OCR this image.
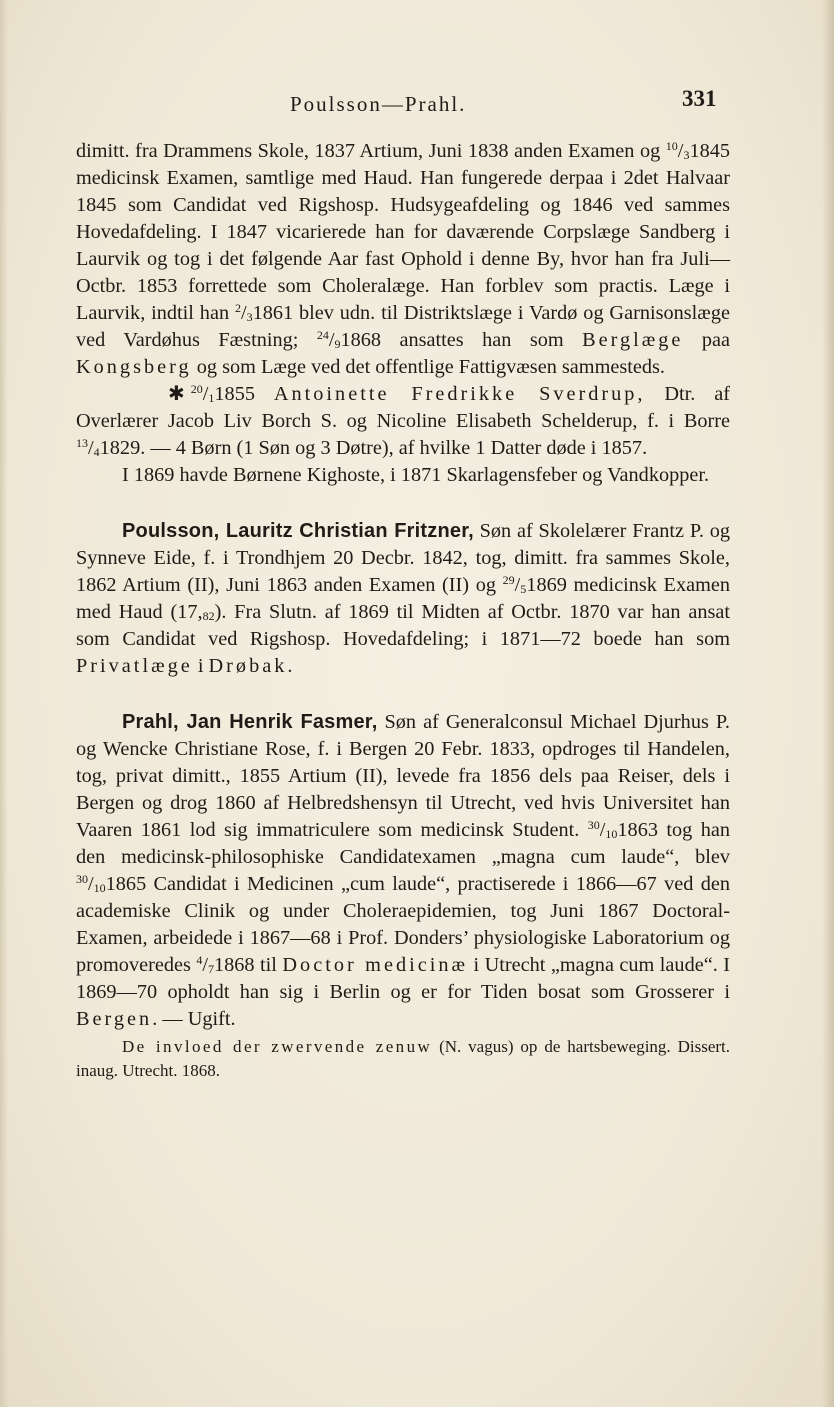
Poulsson—Prahl.	331

dimitt. fra Drammens Skole, 1837 Artium, Juni 1838 anden Examen og $^{10}/_31845$ medicinsk Examen, samtlige med Haud. Han fungerede derpaa i 2det Halvaar 1845 som Candidat ved Rigshosp. Hudsygeafdeling og 1846 ved sammes Hovedafdeling. I 1847 vicarierede han for daværende Corpslæge Sandberg i Laurvik og tog i det følgende Aar fast Ophold i denne By, hvor han fra Juli—Octbr. 1853 forrettede som Choleralæge. Han forblev som practis. Læge i Laurvik, indtil han $^2/_31861$ blev udn. til Distriktslæge i Vardø og Garnisonslæge ved Vardøhus Fæstning; $^{24}/_91868$ ansattes han som Berglæge paa Kongsberg og som Læge ved det offentlige Fattigvæsen sammesteds.

✱ $^{20}/_11855$ Antoinette Fredrikke Sverdrup, Dtr. af Overlærer Jacob Liv Borch S. og Nicoline Elisabeth Schelderup, f. i Borre $^{13}/_41829$. — 4 Børn (1 Søn og 3 Døtre), af hvilke 1 Datter døde i 1857.

I 1869 havde Børnene Kighoste, i 1871 Skarlagensfeber og Vandkopper.

Poulsson, Lauritz Christian Fritzner, Søn af Skolelærer Frantz P. og Synneve Eide, f. i Trondhjem 20 Decbr. 1842, tog, dimitt. fra sammes Skole, 1862 Artium (II), Juni 1863 anden Examen (II) og $^{29}/_51869$ medicinsk Examen med Haud $(17,_{82})$. Fra Slutn. af 1869 til Midten af Octbr. 1870 var han ansat som Candidat ved Rigshosp. Hovedafdeling; i 1871—72 boede han som Privatlæge i Drøbak.

Prahl, Jan Henrik Fasmer, Søn af Generalconsul Michael Djurhus P. og Wencke Christiane Rose, f. i Bergen 20 Febr. 1833, opdroges til Handelen, tog, privat dimitt., 1855 Artium (II), levede fra 1856 dels paa Reiser, dels i Bergen og drog 1860 af Helbredshensyn til Utrecht, ved hvis Universitet han Vaaren 1861 lod sig immatriculere som medicinsk Student. $^{30}/_{10}1863$ tog han den medicinsk-philosophiske Candidatexamen „magna cum laude“, blev $^{30}/_{10}1865$ Candidat i Medicinen „cum laude“, practiserede i 1866—67 ved den academiske Clinik og under Choleraepidemien, tog Juni 1867 Doctoral-Examen, arbeidede i 1867—68 i Prof. Donders’ physiologiske Laboratorium og promoveredes $^4/_71868$ til Doctor medicinæ i Utrecht „magna cum laude“. I 1869—70 opholdt han sig i Berlin og er for Tiden bosat som Grosserer i Bergen. — Ugift.

De invloed der zwervende zenuw (N. vagus) op de hartsbeweging. Dissert. inaug. Utrecht. 1868.
